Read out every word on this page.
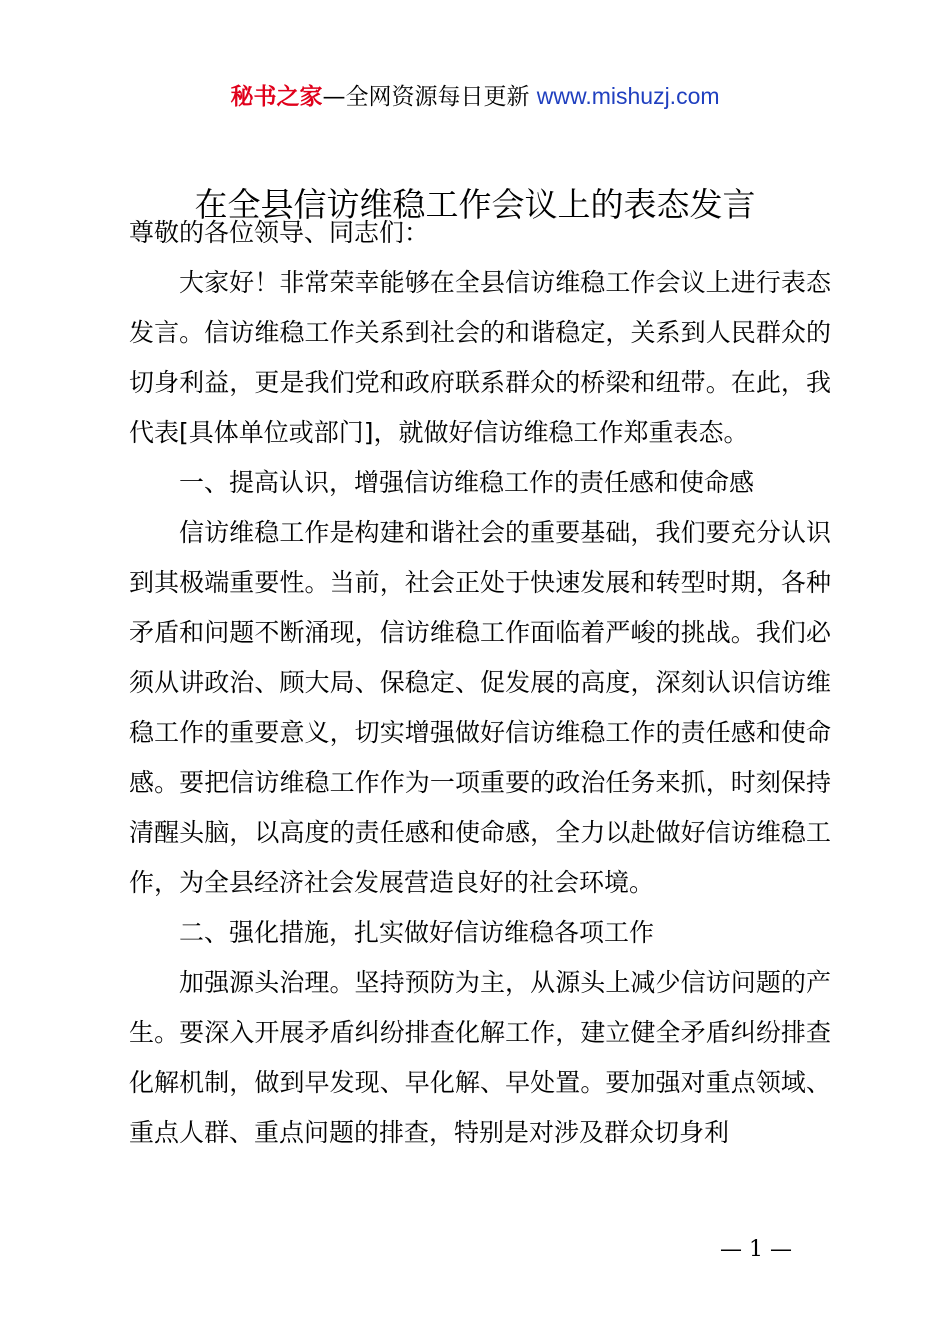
秘书之家—全网资源每日更新 www.mishuzj.com
在全县信访维稳工作会议上的表态发言

尊敬的各位领导、同志们：

大家好！非常荣幸能够在全县信访维稳工作会议上进行表态发言。信访维稳工作关系到社会的和谐稳定，关系到人民群众的切身利益，更是我们党和政府联系群众的桥梁和纽带。在此，我代表[具体单位或部门]，就做好信访维稳工作郑重表态。

一、提高认识，增强信访维稳工作的责任感和使命感

信访维稳工作是构建和谐社会的重要基础，我们要充分认识到其极端重要性。当前，社会正处于快速发展和转型时期，各种矛盾和问题不断涌现，信访维稳工作面临着严峻的挑战。我们必须从讲政治、顾大局、保稳定、促发展的高度，深刻认识信访维稳工作的重要意义，切实增强做好信访维稳工作的责任感和使命感。要把信访维稳工作作为一项重要的政治任务来抓，时刻保持清醒头脑，以高度的责任感和使命感，全力以赴做好信访维稳工作，为全县经济社会发展营造良好的社会环境。

二、强化措施，扎实做好信访维稳各项工作

加强源头治理。坚持预防为主，从源头上减少信访问题的产生。要深入开展矛盾纠纷排查化解工作，建立健全矛盾纠纷排查化解机制，做到早发现、早化解、早处置。要加强对重点领域、重点人群、重点问题的排查，特别是对涉及群众切身利

— 1 —
